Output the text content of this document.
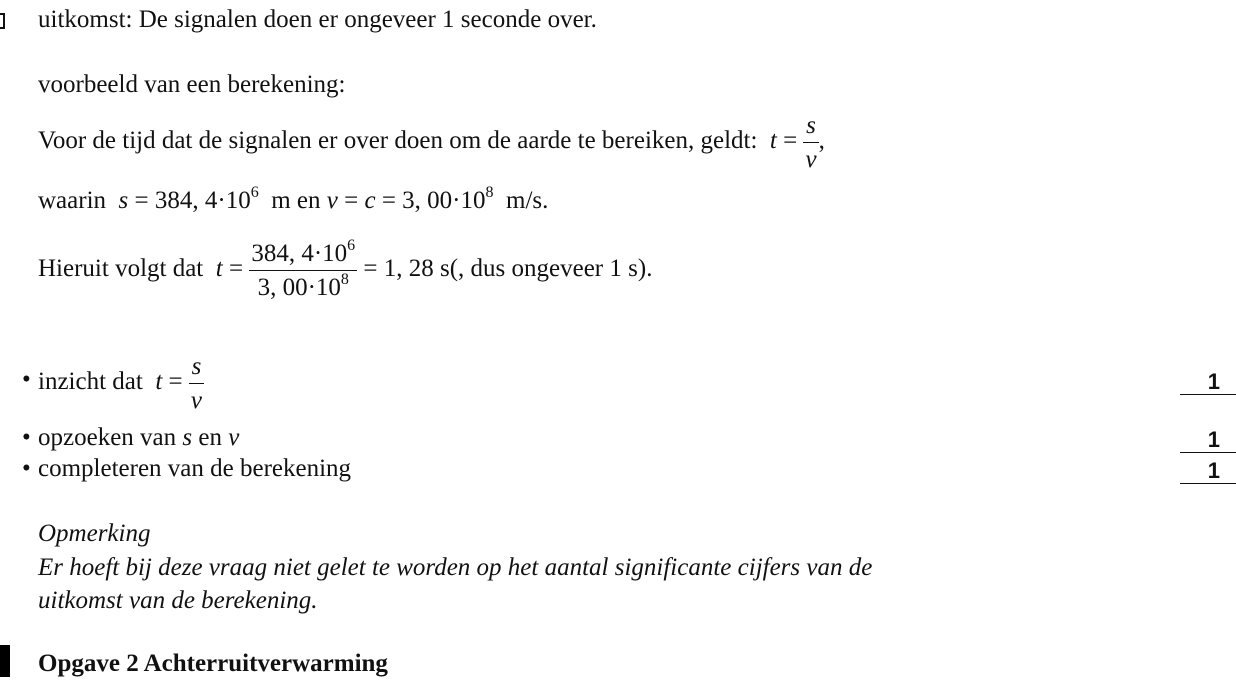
uitkomst: De signalen doen er ongeveer 1 seconde over.
voorbeeld van een berekening:
Voor de tijd dat de signalen er over doen om de aarde te bereiken, geldt: $t = \frac{s}{v}$ ,
waarin s = 384, $4\cdot 10^6$  m en v = c = 3, $00\cdot 10^8$  m/s.
Hieruit volgt dat $t = \frac{384, 4\cdot 10^6}{3, 00\cdot 10^8} = 1$, 28 s(, dus ongeveer 1 s).
• inzicht dat $t = \frac{s}{v}$	1
• opzoeken van s en v	1
• completeren van de berekening	1
Opmerking
Er hoeft bij deze vraag niet gelet te worden op het aantal significante cijfers van de
uitkomst van de berekening.
Opgave 2 Achterruitverwarming
